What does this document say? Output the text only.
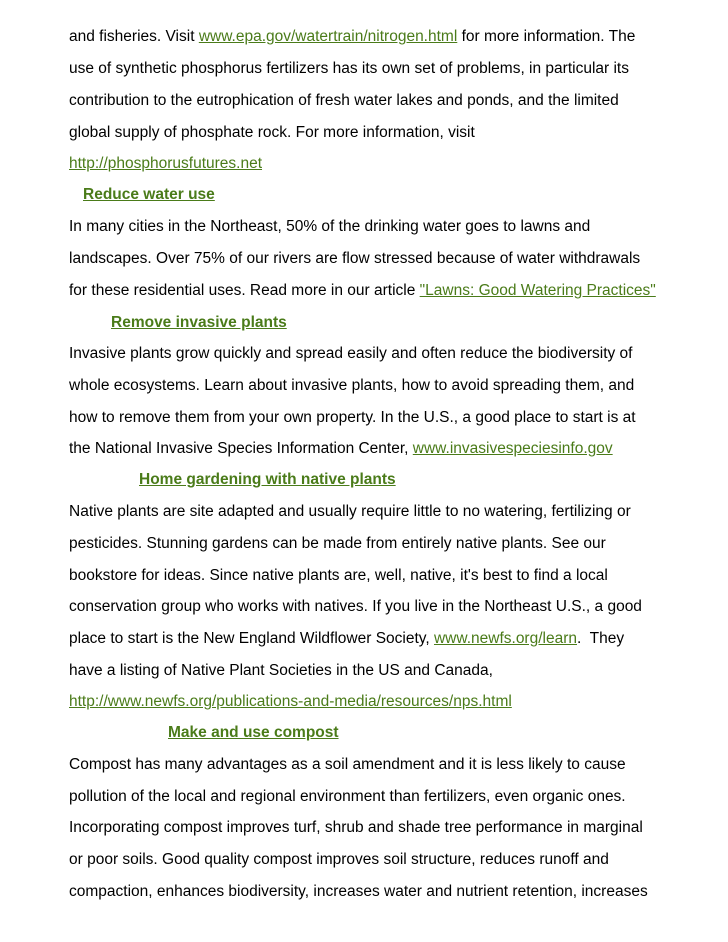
and fisheries. Visit www.epa.gov/watertrain/nitrogen.html for more information. The

use of synthetic phosphorus fertilizers has its own set of problems, in particular its

contribution to the eutrophication of fresh water lakes and ponds, and the limited

global supply of phosphate rock. For more information, visit

http://phosphorusfutures.net

Reduce water use

In many cities in the Northeast, 50% of the drinking water goes to lawns and

landscapes. Over 75% of our rivers are flow stressed because of water withdrawals

for these residential uses. Read more in our article "Lawns: Good Watering Practices"

Remove invasive plants

Invasive plants grow quickly and spread easily and often reduce the biodiversity of

whole ecosystems. Learn about invasive plants, how to avoid spreading them, and

how to remove them from your own property. In the U.S., a good place to start is at

the National Invasive Species Information Center, www.invasivespeciesinfo.gov

Home gardening with native plants

Native plants are site adapted and usually require little to no watering, fertilizing or

pesticides. Stunning gardens can be made from entirely native plants. See our

bookstore for ideas. Since native plants are, well, native, it's best to find a local

conservation group who works with natives. If you live in the Northeast U.S., a good

place to start is the New England Wildflower Society, www.newfs.org/learn.  They

have a listing of Native Plant Societies in the US and Canada,

http://www.newfs.org/publications-and-media/resources/nps.html

Make and use compost

Compost has many advantages as a soil amendment and it is less likely to cause

pollution of the local and regional environment than fertilizers, even organic ones.

Incorporating compost improves turf, shrub and shade tree performance in marginal

or poor soils. Good quality compost improves soil structure, reduces runoff and

compaction, enhances biodiversity, increases water and nutrient retention, increases
